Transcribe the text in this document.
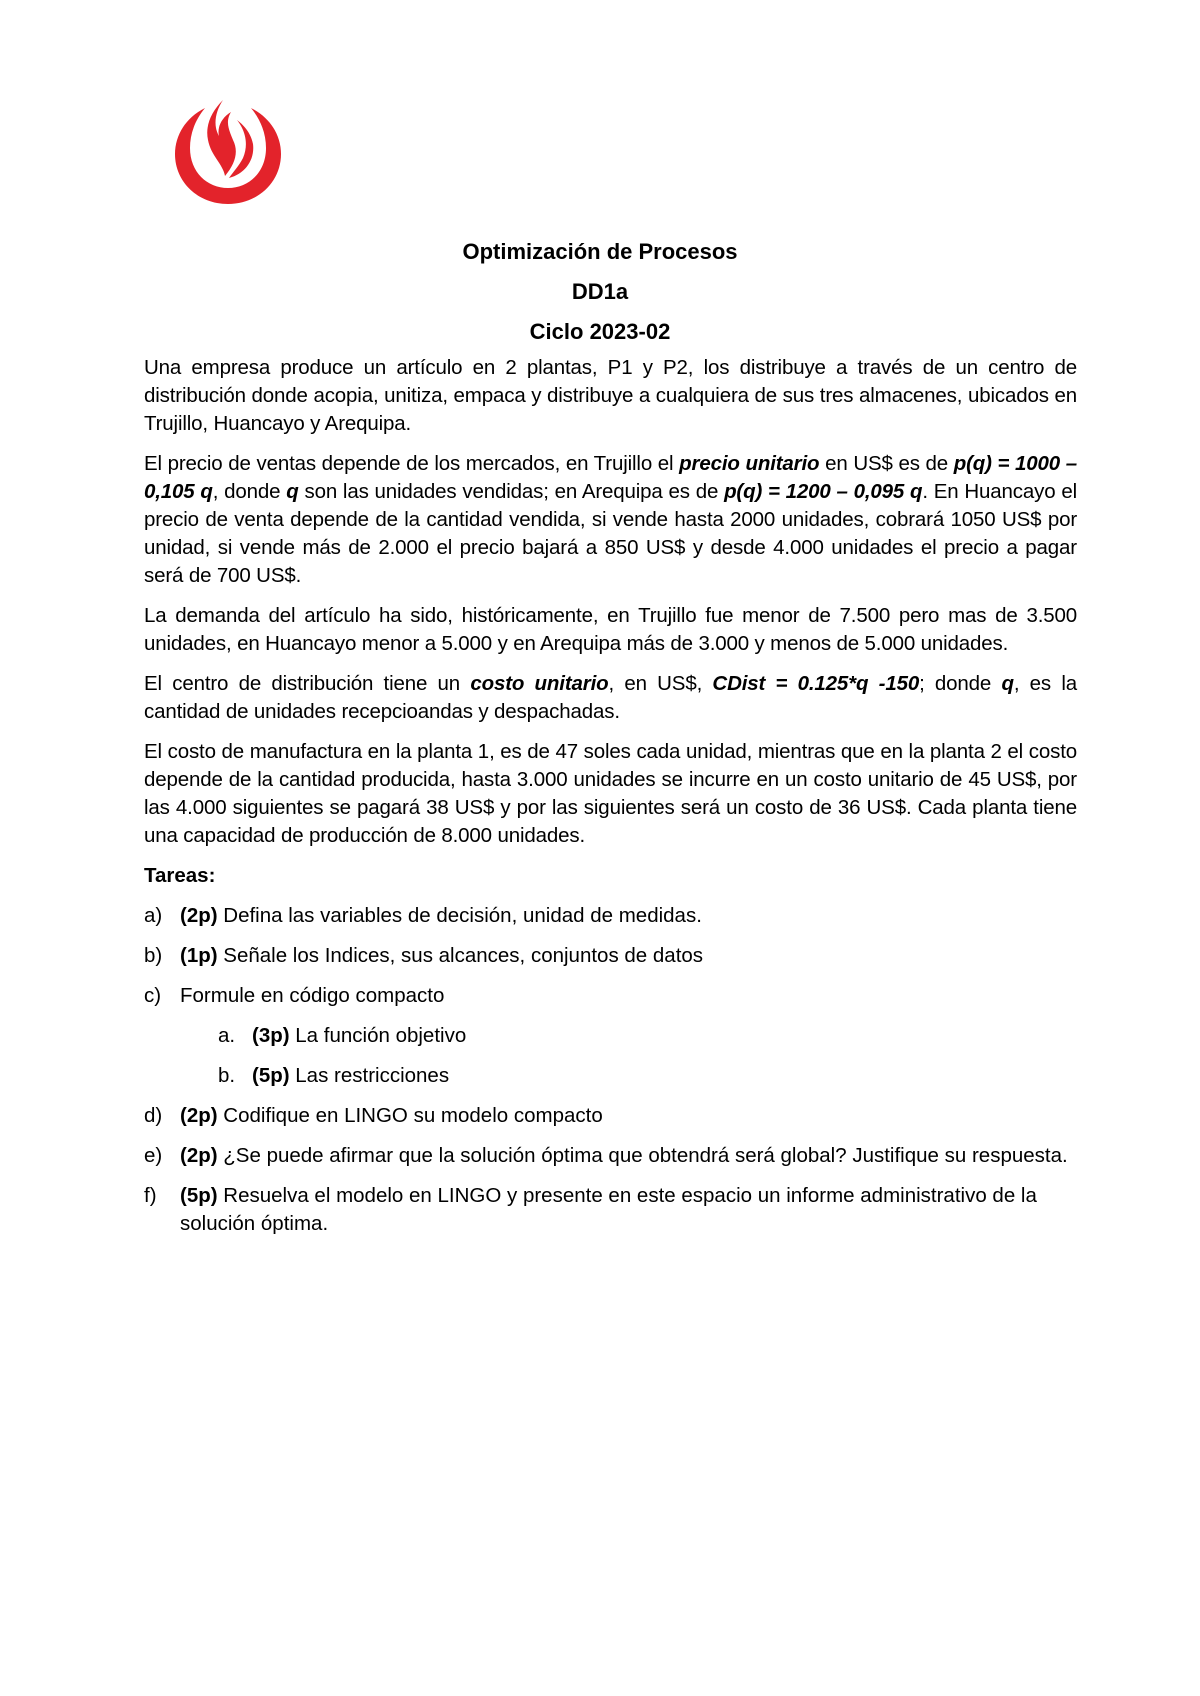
Optimización de Procesos
DD1a
Ciclo 2023-02

Una empresa produce un artículo en 2 plantas, P1 y P2, los distribuye a través de un centro de distribución donde acopia, unitiza, empaca y distribuye a cualquiera de sus tres almacenes, ubicados en Trujillo, Huancayo y Arequipa.

El precio de ventas depende de los mercados, en Trujillo el precio unitario en US$ es de p(q) = 1000 – 0,105 q, donde q son las unidades vendidas; en Arequipa es de p(q) = 1200 – 0,095 q. En Huancayo el precio de venta depende de la cantidad vendida, si vende hasta 2000 unidades, cobrará 1050 US$ por unidad, si vende más de 2.000 el precio bajará a 850 US$ y desde 4.000 unidades el precio a pagar será de 700 US$.

La demanda del artículo ha sido, históricamente, en Trujillo fue menor de 7.500 pero mas de 3.500 unidades, en Huancayo menor a 5.000 y en Arequipa más de 3.000 y menos de 5.000 unidades.

El centro de distribución tiene un costo unitario, en US$, CDist = 0.125*q -150; donde q, es la cantidad de unidades recepcioandas y despachadas.

El costo de manufactura en la planta 1, es de 47 soles cada unidad, mientras que en la planta 2 el costo depende de la cantidad producida, hasta 3.000 unidades se incurre en un costo unitario de 45 US$, por las 4.000 siguientes se pagará 38 US$ y por las siguientes será un costo de 36 US$. Cada planta tiene una capacidad de producción de 8.000 unidades.

Tareas:
a) (2p) Defina las variables de decisión, unidad de medidas.
b) (1p) Señale los Indices, sus alcances, conjuntos de datos
c) Formule en código compacto
a. (3p) La función objetivo
b. (5p) Las restricciones
d) (2p) Codifique en LINGO su modelo compacto
e) (2p) ¿Se puede afirmar que la solución óptima que obtendrá será global? Justifique su respuesta.
f)	(5p) Resuelva el modelo en LINGO y presente en este espacio un informe administrativo de la solución óptima.
